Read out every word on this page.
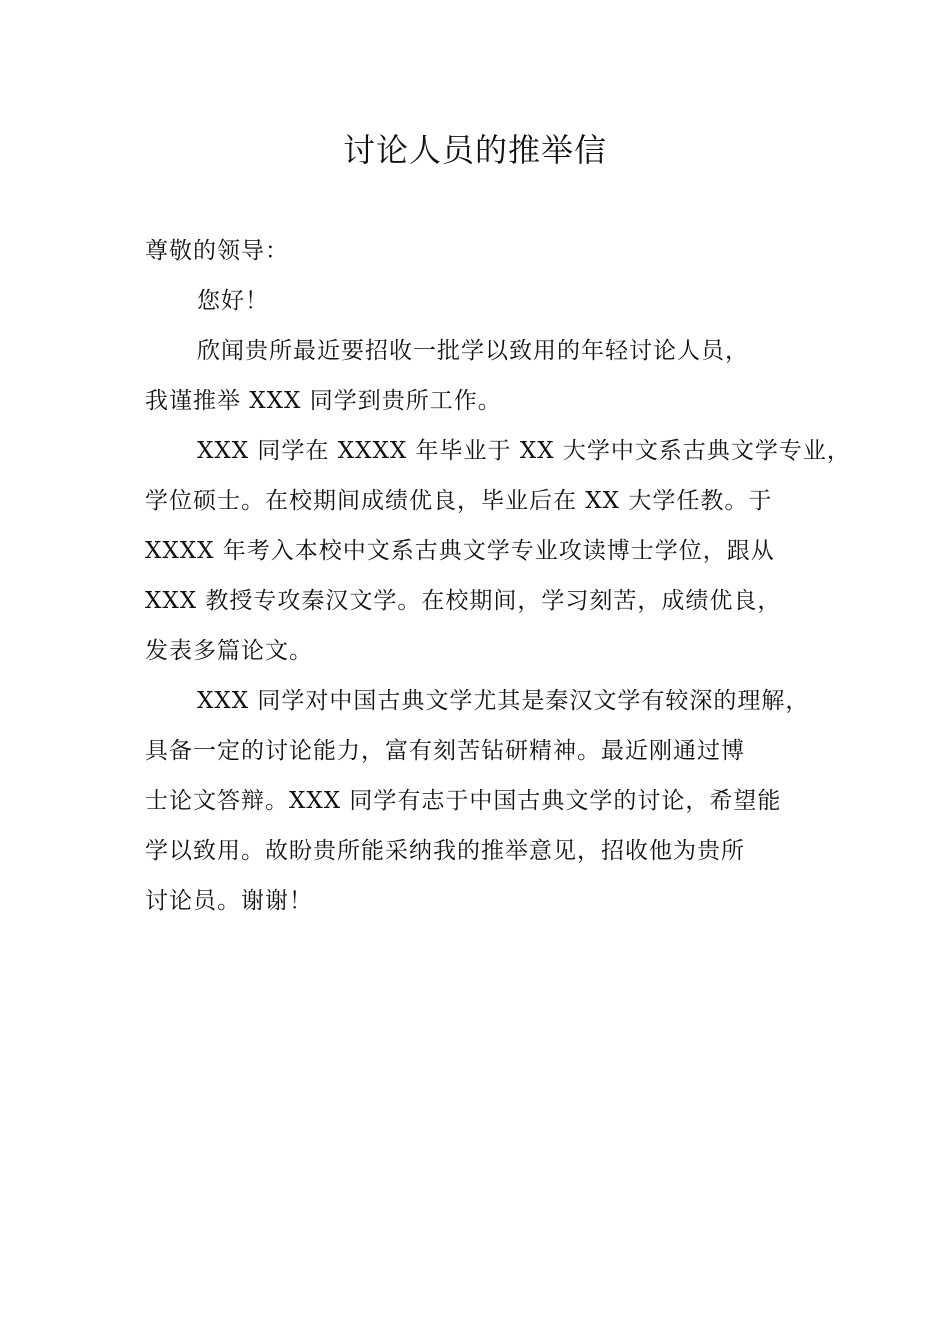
讨论人员的推举信
尊敬的领导：
您好！
欣闻贵所最近要招收一批学以致用的年轻讨论人员，
我谨推举 XXX 同学到贵所工作。
XXX 同学在 XXXX 年毕业于 XX 大学中文系古典文学专业，
学位硕士。在校期间成绩优良，毕业后在 XX 大学任教。于
XXXX 年考入本校中文系古典文学专业攻读博士学位，跟从
XXX 教授专攻秦汉文学。在校期间，学习刻苦，成绩优良，
发表多篇论文。
XXX 同学对中国古典文学尤其是秦汉文学有较深的理解，
具备一定的讨论能力，富有刻苦钻研精神。最近刚通过博
士论文答辩。XXX 同学有志于中国古典文学的讨论，希望能
学以致用。故盼贵所能采纳我的推举意见，招收他为贵所
讨论员。谢谢！
